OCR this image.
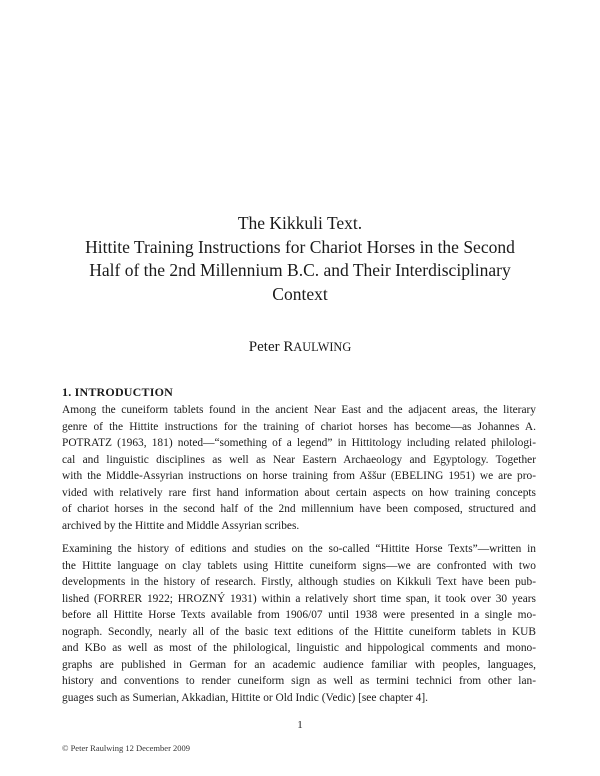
The Kikkuli Text.
Hittite Training Instructions for Chariot Horses in the Second
Half of the 2nd Millennium B.C. and Their Interdisciplinary
Context
Peter RAULWING
1. INTRODUCTION
Among the cuneiform tablets found in the ancient Near East and the adjacent areas, the literary
genre of the Hittite instructions for the training of chariot horses has become—as Johannes A.
POTRATZ (1963, 181) noted—“something of a legend” in Hittitology including related philologi-
cal and linguistic disciplines as well as Near Eastern Archaeology and Egyptology. Together
with the Middle-Assyrian instructions on horse training from Aššur (EBELING 1951) we are pro-
vided with relatively rare first hand information about certain aspects on how training concepts
of chariot horses in the second half of the 2nd millennium have been composed, structured and
archived by the Hittite and Middle Assyrian scribes.
Examining the history of editions and studies on the so-called “Hittite Horse Texts”—written in
the Hittite language on clay tablets using Hittite cuneiform signs—we are confronted with two
developments in the history of research. Firstly, although studies on Kikkuli Text have been pub-
lished (FORRER 1922; HROZNÝ 1931) within a relatively short time span, it took over 30 years
before all Hittite Horse Texts available from 1906/07 until 1938 were presented in a single mo-
nograph. Secondly, nearly all of the basic text editions of the Hittite cuneiform tablets in KUB
and KBo as well as most of the philological, linguistic and hippological comments and mono-
graphs are published in German for an academic audience familiar with peoples, languages,
history and conventions to render cuneiform sign as well as termini technici from other lan-
guages such as Sumerian, Akkadian, Hittite or Old Indic (Vedic) [see chapter 4].
1
© Peter Raulwing 12 December 2009
